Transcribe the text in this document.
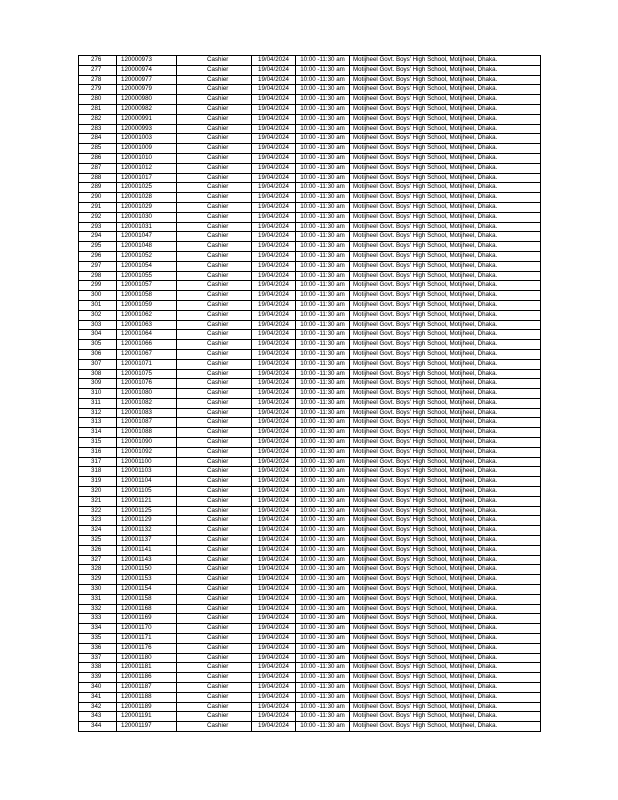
276	120000973	Cashier	19/04/2024	10:00 -11:30 am	Motijheel Govt. Boys' High School, Motijheel, Dhaka.
277	120000974	Cashier	19/04/2024	10:00 -11:30 am	Motijheel Govt. Boys' High School, Motijheel, Dhaka.
278	120000977	Cashier	19/04/2024	10:00 -11:30 am	Motijheel Govt. Boys' High School, Motijheel, Dhaka.
279	120000979	Cashier	19/04/2024	10:00 -11:30 am	Motijheel Govt. Boys' High School, Motijheel, Dhaka.
280	120000980	Cashier	19/04/2024	10:00 -11:30 am	Motijheel Govt. Boys' High School, Motijheel, Dhaka.
281	120000982	Cashier	19/04/2024	10:00 -11:30 am	Motijheel Govt. Boys' High School, Motijheel, Dhaka.
282	120000991	Cashier	19/04/2024	10:00 -11:30 am	Motijheel Govt. Boys' High School, Motijheel, Dhaka.
283	120000993	Cashier	19/04/2024	10:00 -11:30 am	Motijheel Govt. Boys' High School, Motijheel, Dhaka.
284	120001003	Cashier	19/04/2024	10:00 -11:30 am	Motijheel Govt. Boys' High School, Motijheel, Dhaka.
285	120001009	Cashier	19/04/2024	10:00 -11:30 am	Motijheel Govt. Boys' High School, Motijheel, Dhaka.
286	120001010	Cashier	19/04/2024	10:00 -11:30 am	Motijheel Govt. Boys' High School, Motijheel, Dhaka.
287	120001012	Cashier	19/04/2024	10:00 -11:30 am	Motijheel Govt. Boys' High School, Motijheel, Dhaka.
288	120001017	Cashier	19/04/2024	10:00 -11:30 am	Motijheel Govt. Boys' High School, Motijheel, Dhaka.
289	120001025	Cashier	19/04/2024	10:00 -11:30 am	Motijheel Govt. Boys' High School, Motijheel, Dhaka.
290	120001028	Cashier	19/04/2024	10:00 -11:30 am	Motijheel Govt. Boys' High School, Motijheel, Dhaka.
291	120001029	Cashier	19/04/2024	10:00 -11:30 am	Motijheel Govt. Boys' High School, Motijheel, Dhaka.
292	120001030	Cashier	19/04/2024	10:00 -11:30 am	Motijheel Govt. Boys' High School, Motijheel, Dhaka.
293	120001031	Cashier	19/04/2024	10:00 -11:30 am	Motijheel Govt. Boys' High School, Motijheel, Dhaka.
294	120001047	Cashier	19/04/2024	10:00 -11:30 am	Motijheel Govt. Boys' High School, Motijheel, Dhaka.
295	120001048	Cashier	19/04/2024	10:00 -11:30 am	Motijheel Govt. Boys' High School, Motijheel, Dhaka.
296	120001052	Cashier	19/04/2024	10:00 -11:30 am	Motijheel Govt. Boys' High School, Motijheel, Dhaka.
297	120001054	Cashier	19/04/2024	10:00 -11:30 am	Motijheel Govt. Boys' High School, Motijheel, Dhaka.
298	120001055	Cashier	19/04/2024	10:00 -11:30 am	Motijheel Govt. Boys' High School, Motijheel, Dhaka.
299	120001057	Cashier	19/04/2024	10:00 -11:30 am	Motijheel Govt. Boys' High School, Motijheel, Dhaka.
300	120001058	Cashier	19/04/2024	10:00 -11:30 am	Motijheel Govt. Boys' High School, Motijheel, Dhaka.
301	120001059	Cashier	19/04/2024	10:00 -11:30 am	Motijheel Govt. Boys' High School, Motijheel, Dhaka.
302	120001062	Cashier	19/04/2024	10:00 -11:30 am	Motijheel Govt. Boys' High School, Motijheel, Dhaka.
303	120001063	Cashier	19/04/2024	10:00 -11:30 am	Motijheel Govt. Boys' High School, Motijheel, Dhaka.
304	120001064	Cashier	19/04/2024	10:00 -11:30 am	Motijheel Govt. Boys' High School, Motijheel, Dhaka.
305	120001066	Cashier	19/04/2024	10:00 -11:30 am	Motijheel Govt. Boys' High School, Motijheel, Dhaka.
306	120001067	Cashier	19/04/2024	10:00 -11:30 am	Motijheel Govt. Boys' High School, Motijheel, Dhaka.
307	120001071	Cashier	19/04/2024	10:00 -11:30 am	Motijheel Govt. Boys' High School, Motijheel, Dhaka.
308	120001075	Cashier	19/04/2024	10:00 -11:30 am	Motijheel Govt. Boys' High School, Motijheel, Dhaka.
309	120001076	Cashier	19/04/2024	10:00 -11:30 am	Motijheel Govt. Boys' High School, Motijheel, Dhaka.
310	120001080	Cashier	19/04/2024	10:00 -11:30 am	Motijheel Govt. Boys' High School, Motijheel, Dhaka.
311	120001082	Cashier	19/04/2024	10:00 -11:30 am	Motijheel Govt. Boys' High School, Motijheel, Dhaka.
312	120001083	Cashier	19/04/2024	10:00 -11:30 am	Motijheel Govt. Boys' High School, Motijheel, Dhaka.
313	120001087	Cashier	19/04/2024	10:00 -11:30 am	Motijheel Govt. Boys' High School, Motijheel, Dhaka.
314	120001088	Cashier	19/04/2024	10:00 -11:30 am	Motijheel Govt. Boys' High School, Motijheel, Dhaka.
315	120001090	Cashier	19/04/2024	10:00 -11:30 am	Motijheel Govt. Boys' High School, Motijheel, Dhaka.
316	120001092	Cashier	19/04/2024	10:00 -11:30 am	Motijheel Govt. Boys' High School, Motijheel, Dhaka.
317	120001100	Cashier	19/04/2024	10:00 -11:30 am	Motijheel Govt. Boys' High School, Motijheel, Dhaka.
318	120001103	Cashier	19/04/2024	10:00 -11:30 am	Motijheel Govt. Boys' High School, Motijheel, Dhaka.
319	120001104	Cashier	19/04/2024	10:00 -11:30 am	Motijheel Govt. Boys' High School, Motijheel, Dhaka.
320	120001105	Cashier	19/04/2024	10:00 -11:30 am	Motijheel Govt. Boys' High School, Motijheel, Dhaka.
321	120001121	Cashier	19/04/2024	10:00 -11:30 am	Motijheel Govt. Boys' High School, Motijheel, Dhaka.
322	120001125	Cashier	19/04/2024	10:00 -11:30 am	Motijheel Govt. Boys' High School, Motijheel, Dhaka.
323	120001129	Cashier	19/04/2024	10:00 -11:30 am	Motijheel Govt. Boys' High School, Motijheel, Dhaka.
324	120001132	Cashier	19/04/2024	10:00 -11:30 am	Motijheel Govt. Boys' High School, Motijheel, Dhaka.
325	120001137	Cashier	19/04/2024	10:00 -11:30 am	Motijheel Govt. Boys' High School, Motijheel, Dhaka.
326	120001141	Cashier	19/04/2024	10:00 -11:30 am	Motijheel Govt. Boys' High School, Motijheel, Dhaka.
327	120001143	Cashier	19/04/2024	10:00 -11:30 am	Motijheel Govt. Boys' High School, Motijheel, Dhaka.
328	120001150	Cashier	19/04/2024	10:00 -11:30 am	Motijheel Govt. Boys' High School, Motijheel, Dhaka.
329	120001153	Cashier	19/04/2024	10:00 -11:30 am	Motijheel Govt. Boys' High School, Motijheel, Dhaka.
330	120001154	Cashier	19/04/2024	10:00 -11:30 am	Motijheel Govt. Boys' High School, Motijheel, Dhaka.
331	120001158	Cashier	19/04/2024	10:00 -11:30 am	Motijheel Govt. Boys' High School, Motijheel, Dhaka.
332	120001168	Cashier	19/04/2024	10:00 -11:30 am	Motijheel Govt. Boys' High School, Motijheel, Dhaka.
333	120001169	Cashier	19/04/2024	10:00 -11:30 am	Motijheel Govt. Boys' High School, Motijheel, Dhaka.
334	120001170	Cashier	19/04/2024	10:00 -11:30 am	Motijheel Govt. Boys' High School, Motijheel, Dhaka.
335	120001171	Cashier	19/04/2024	10:00 -11:30 am	Motijheel Govt. Boys' High School, Motijheel, Dhaka.
336	120001176	Cashier	19/04/2024	10:00 -11:30 am	Motijheel Govt. Boys' High School, Motijheel, Dhaka.
337	120001180	Cashier	19/04/2024	10:00 -11:30 am	Motijheel Govt. Boys' High School, Motijheel, Dhaka.
338	120001181	Cashier	19/04/2024	10:00 -11:30 am	Motijheel Govt. Boys' High School, Motijheel, Dhaka.
339	120001186	Cashier	19/04/2024	10:00 -11:30 am	Motijheel Govt. Boys' High School, Motijheel, Dhaka.
340	120001187	Cashier	19/04/2024	10:00 -11:30 am	Motijheel Govt. Boys' High School, Motijheel, Dhaka.
341	120001188	Cashier	19/04/2024	10:00 -11:30 am	Motijheel Govt. Boys' High School, Motijheel, Dhaka.
342	120001189	Cashier	19/04/2024	10:00 -11:30 am	Motijheel Govt. Boys' High School, Motijheel, Dhaka.
343	120001191	Cashier	19/04/2024	10:00 -11:30 am	Motijheel Govt. Boys' High School, Motijheel, Dhaka.
344	120001197	Cashier	19/04/2024	10:00 -11:30 am	Motijheel Govt. Boys' High School, Motijheel, Dhaka.
